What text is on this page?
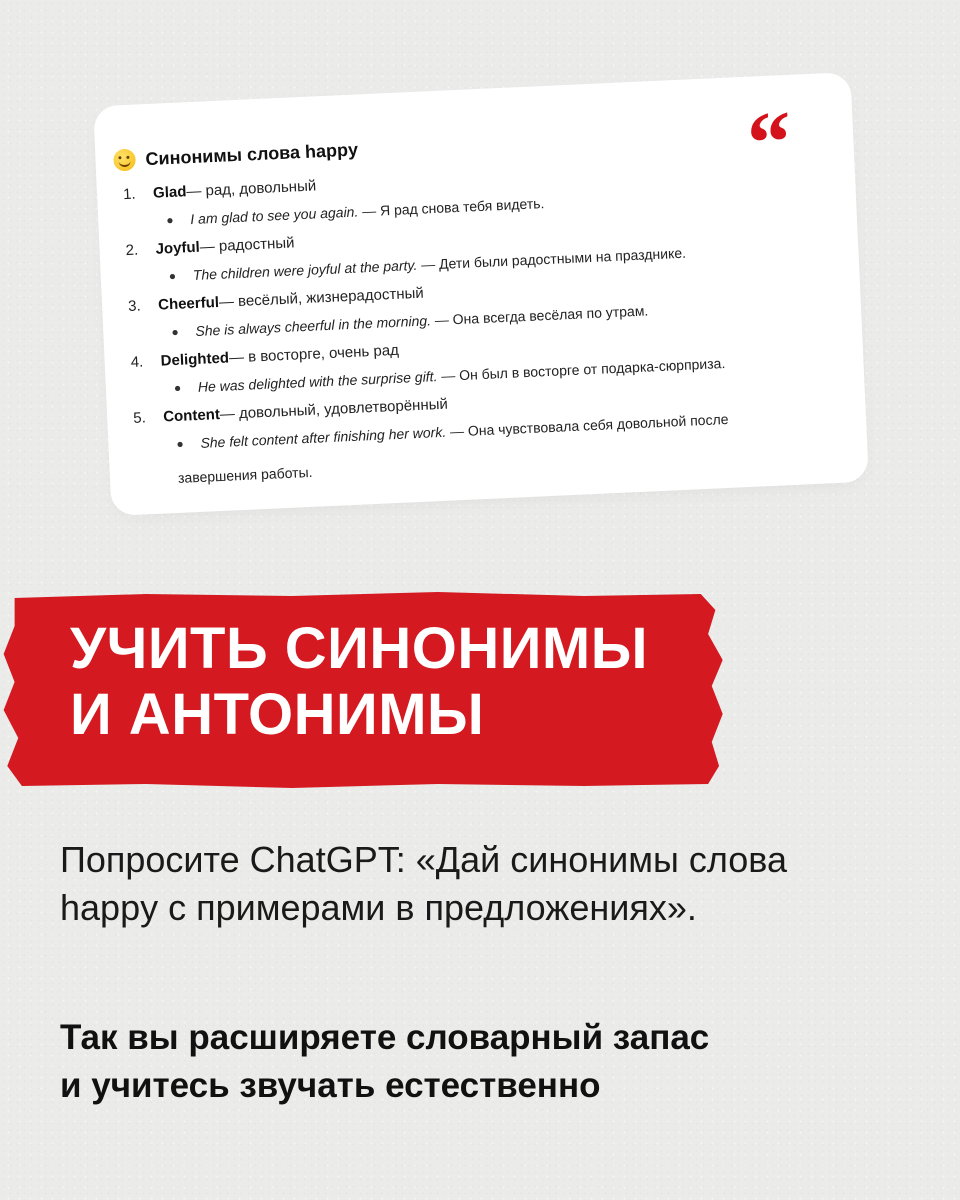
“
Синонимы слова happy
1.	Glad — рад, довольный
●	I am glad to see you again. — Я рад снова тебя видеть.
2.	Joyful — радостный
●	The children were joyful at the party. — Дети были радостными на празднике.
3.	Cheerful — весёлый, жизнерадостный
●	She is always cheerful in the morning. — Она всегда весёлая по утрам.
4.	Delighted — в восторге, очень рад
●	He was delighted with the surprise gift. — Он был в восторге от подарка-сюрприза.
5.	Content — довольный, удовлетворённый
●	She felt content after finishing her work. — Она чувствовала себя довольной после
завершения работы.
УЧИТЬ СИНОНИМЫ
И АНТОНИМЫ

Попросите ChatGPT: «Дай синонимы слова
happy с примерами в предложениях».

Так вы расширяете словарный запас
и учитесь звучать естественно
